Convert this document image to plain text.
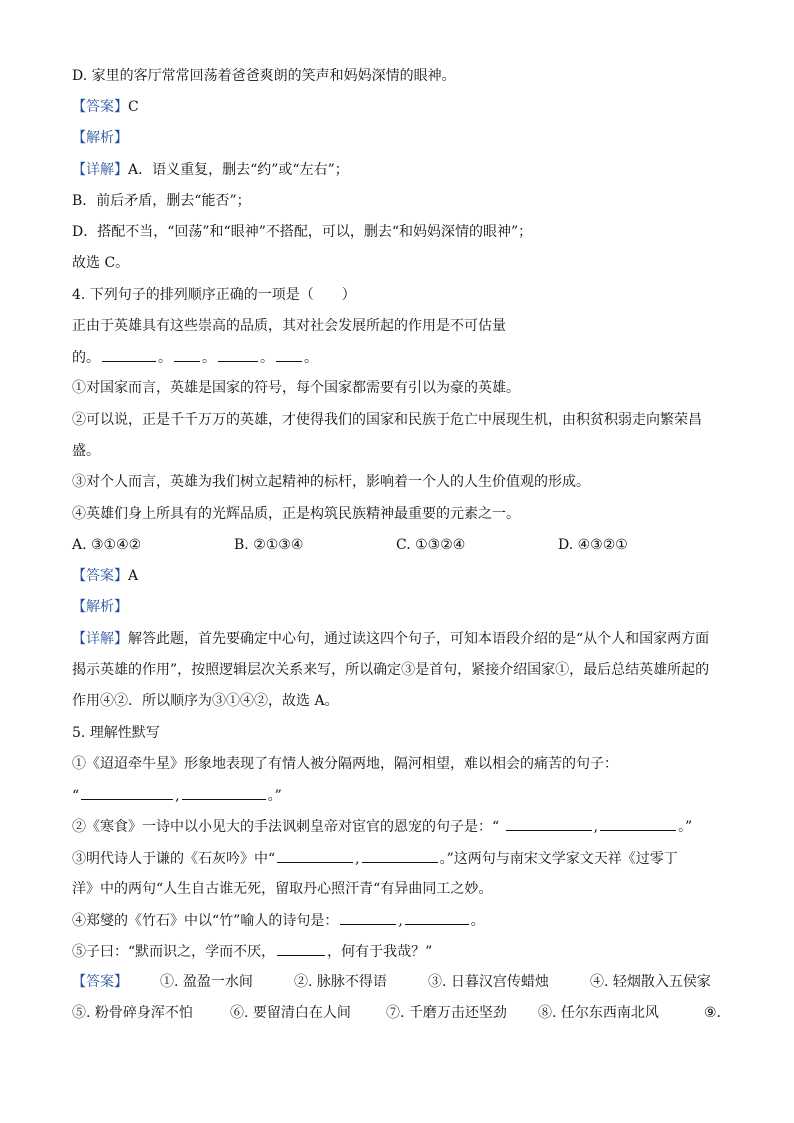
D. 家里的客厅常常回荡着爸爸爽朗的笑声和妈妈深情的眼神。
【答案】C
【解析】
【详解】A．语义重复，删去“约”或“左右”；
B．前后矛盾，删去“能否”；
D．搭配不当，“回荡”和“眼神”不搭配，可以，删去“和妈妈深情的眼神”；
故选 C。
4. 下列句子的排列顺序正确的一项是（　　）
正由于英雄具有这些崇高的品质，其对社会发展所起的作用是不可估量
的。	。 。	。 。
①对国家而言，英雄是国家的符号，每个国家都需要有引以为豪的英雄。
②可以说，正是千千万万的英雄，才使得我们的国家和民族于危亡中展现生机，由积贫积弱走向繁荣昌
盛。
③对个人而言，英雄为我们树立起精神的标杆，影响着一个人的人生价值观的形成。
④英雄们身上所具有的光辉品质，正是构筑民族精神最重要的元素之一。
A. ③①④②	B. ②①③④	C. ①③②④	D. ④③②①
【答案】A
【解析】
【详解】解答此题，首先要确定中心句，通过读这四个句子，可知本语段介绍的是“从个人和国家两方面
揭示英雄的作用”，按照逻辑层次关系来写，所以确定③是首句，紧接介绍国家①，最后总结英雄所起的
作用④②．所以顺序为③①④②，故选 A。
5. 理解性默写
①《迢迢牵牛星》形象地表现了有情人被分隔两地，隔河相望，难以相会的痛苦的句子：
“	,	。”
②《寒食》一诗中以小见大的手法讽刺皇帝对宦官的恩宠的句子是：“	,	。”
③明代诗人于谦的《石灰吟》中“	,	。”这两句与南宋文学家文天祥《过零丁
洋》中的两句“人生自古谁无死，留取丹心照汗青“有异曲同工之妙。
④郑燮的《竹石》中以“竹”喻人的诗句是：	,	。
⑤子曰：“默而识之，学而不厌，	，何有于我哉？”
【答案】 ①. 盈盈一水间	②. 脉脉不得语	③. 日暮汉宫传蜡烛	④. 轻烟散入五侯家
⑤. 粉骨碎身浑不怕	⑥. 要留清白在人间	⑦. 千磨万击还坚劲 ⑧. 任尔东西南北风	⑨.
